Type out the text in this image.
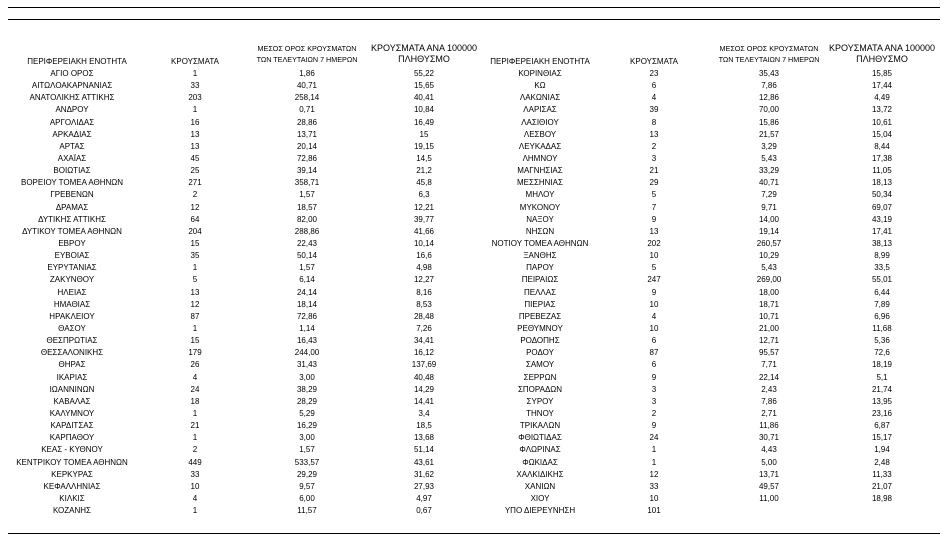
ΠΕΡΙΦΕΡΕΙΑΚΗ ΕΝΟΤΗΤΑ	ΚΡΟΥΣΜΑΤΑ
ΜΕΣΟΣ ΟΡΟΣ ΚΡΟΥΣΜΑΤΩΝ
ΤΩΝ ΤΕΛΕΥΤΑΙΩΝ 7 ΗΜΕΡΩΝ
ΚΡΟΥΣΜΑΤΑ ΑΝΑ 100000
ΠΛΗΘΥΣΜΟ	ΠΕΡΙΦΕΡΕΙΑΚΗ ΕΝΟΤΗΤΑ	ΚΡΟΥΣΜΑΤΑ
ΜΕΣΟΣ ΟΡΟΣ ΚΡΟΥΣΜΑΤΩΝ
ΤΩΝ ΤΕΛΕΥΤΑΙΩΝ 7 ΗΜΕΡΩΝ
ΚΡΟΥΣΜΑΤΑ ΑΝΑ 100000
ΠΛΗΘΥΣΜΟ
ΑΓΙΟ ΟΡΟΣ	1	1,86	55,22
ΑΙΤΩΛΟΑΚΑΡΝΑΝΙΑΣ	33	40,71	15,65
ΑΝΑΤΟΛΙΚΗΣ ΑΤΤΙΚΗΣ	203	258,14	40,41
ΑΝΔΡΟΥ	1	0,71	10,84
ΑΡΓΟΛΙΔΑΣ	16	28,86	16,49
ΑΡΚΑΔΙΑΣ	13	13,71	15
ΑΡΤΑΣ	13	20,14	19,15
ΑΧΑΪΑΣ	45	72,86	14,5
ΒΟΙΩΤΙΑΣ	25	39,14	21,2
ΒΟΡΕΙΟΥ ΤΟΜΕΑ ΑΘΗΝΩΝ	271	358,71	45,8
ΓΡΕΒΕΝΩΝ	2	1,57	6,3
ΔΡΑΜΑΣ	12	18,57	12,21
ΔΥΤΙΚΗΣ ΑΤΤΙΚΗΣ	64	82,00	39,77
ΔΥΤΙΚΟΥ ΤΟΜΕΑ ΑΘΗΝΩΝ	204	288,86	41,66
ΕΒΡΟΥ	15	22,43	10,14
ΕΥΒΟΙΑΣ	35	50,14	16,6
ΕΥΡΥΤΑΝΙΑΣ	1	1,57	4,98
ΖΑΚΥΝΘΟΥ	5	6,14	12,27
ΗΛΕΙΑΣ	13	24,14	8,16
ΗΜΑΘΙΑΣ	12	18,14	8,53
ΗΡΑΚΛΕΙΟΥ	87	72,86	28,48
ΘΑΣΟΥ	1	1,14	7,26
ΘΕΣΠΡΩΤΙΑΣ	15	16,43	34,41
ΘΕΣΣΑΛΟΝΙΚΗΣ	179	244,00	16,12
ΘΗΡΑΣ	26	31,43	137,69
ΙΚΑΡΙΑΣ	4	3,00	40,48
ΙΩΑΝΝΙΝΩΝ	24	38,29	14,29
ΚΑΒΑΛΑΣ	18	28,29	14,41
ΚΑΛΥΜΝΟΥ	1	5,29	3,4
ΚΑΡΔΙΤΣΑΣ	21	16,29	18,5
ΚΑΡΠΑΘΟΥ	1	3,00	13,68
ΚΕΑΣ - ΚΥΘΝΟΥ	2	1,57	51,14
ΚΕΝΤΡΙΚΟΥ ΤΟΜΕΑ ΑΘΗΝΩΝ	449	533,57	43,61
ΚΕΡΚΥΡΑΣ	33	29,29	31,62
ΚΕΦΑΛΛΗΝΙΑΣ	10	9,57	27,93
ΚΙΛΚΙΣ	4	6,00	4,97
ΚΟΖΑΝΗΣ	1	11,57	0,67
ΚΟΡΙΝΘΙΑΣ	23	35,43	15,85
ΚΩ	6	7,86	17,44
ΛΑΚΩΝΙΑΣ	4	12,86	4,49
ΛΑΡΙΣΑΣ	39	70,00	13,72
ΛΑΣΙΘΙΟΥ	8	15,86	10,61
ΛΕΣΒΟΥ	13	21,57	15,04
ΛΕΥΚΑΔΑΣ	2	3,29	8,44
ΛΗΜΝΟΥ	3	5,43	17,38
ΜΑΓΝΗΣΙΑΣ	21	33,29	11,05
ΜΕΣΣΗΝΙΑΣ	29	40,71	18,13
ΜΗΛΟΥ	5	7,29	50,34
ΜΥΚΟΝΟΥ	7	9,71	69,07
ΝΑΞΟΥ	9	14,00	43,19
ΝΗΣΩΝ	13	19,14	17,41
ΝΟΤΙΟΥ ΤΟΜΕΑ ΑΘΗΝΩΝ	202	260,57	38,13
ΞΑΝΘΗΣ	10	10,29	8,99
ΠΑΡΟΥ	5	5,43	33,5
ΠΕΙΡΑΙΩΣ	247	269,00	55,01
ΠΕΛΛΑΣ	9	18,00	6,44
ΠΙΕΡΙΑΣ	10	18,71	7,89
ΠΡΕΒΕΖΑΣ	4	10,71	6,96
ΡΕΘΥΜΝΟΥ	10	21,00	11,68
ΡΟΔΟΠΗΣ	6	12,71	5,36
ΡΟΔΟΥ	87	95,57	72,6
ΣΑΜΟΥ	6	7,71	18,19
ΣΕΡΡΩΝ	9	22,14	5,1
ΣΠΟΡΑΔΩΝ	3	2,43	21,74
ΣΥΡΟΥ	3	7,86	13,95
ΤΗΝΟΥ	2	2,71	23,16
ΤΡΙΚΑΛΩΝ	9	11,86	6,87
ΦΘΙΩΤΙΔΑΣ	24	30,71	15,17
ΦΛΩΡΙΝΑΣ	1	4,43	1,94
ΦΩΚΙΔΑΣ	1	5,00	2,48
ΧΑΛΚΙΔΙΚΗΣ	12	13,71	11,33
ΧΑΝΙΩΝ	33	49,57	21,07
ΧΙΟΥ	10	11,00	18,98
ΥΠΟ ΔΙΕΡΕΥΝΗΣΗ	101
